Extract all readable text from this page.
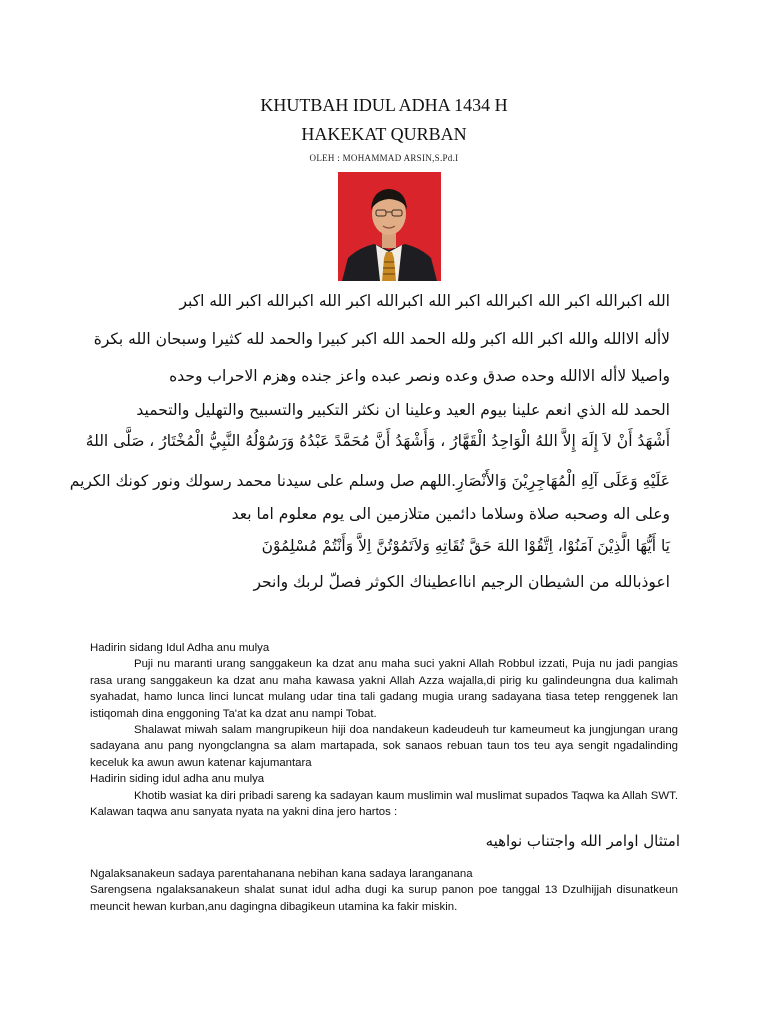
KHUTBAH IDUL ADHA 1434 H
HAKEKAT QURBAN
OLEH : MOHAMMAD ARSIN,S.Pd.I
الله اكبرالله اكبر الله اكبرالله اكبر الله اكبرالله اكبر الله اكبرالله اكبر الله اكبر
لاأله الاالله والله اكبر الله اكبر ولله الحمد الله اكبر كبيرا والحمد لله كثيرا وسبحان الله بكرة
واصيلا لاأله الاالله وحده صدق وعده ونصر عبده واعز جنده وهزم الاحراب وحده
الحمد لله الذي انعم علينا بيوم العيد وعلينا ان نكثر التكبير والتسبيح والتهليل والتحميد
أَشْهَدُ أَنْ لاَ إِلَهَ إِلاَّ اللهُ الْوَاحِدُ الْقَهَّارُ ، وَأَشْهَدُ أَنَّ مُحَمَّدً عَبْدُهُ وَرَسُوْلُهُ النَّبِيُّ الْمُخْتَارُ ، صَلَّى اللهُ
عَلَيْهِ وَعَلَى آلِهِ الْمُهَاجِرِيْنَ وَالأَنْصَارِ.اللهم صل وسلم على سيدنا محمد رسولك ونور كونك الكريم
وعلى اله وصحبه صلاة وسلاما دائمين متلازمين الى يوم معلوم اما بعد
يَا أَيُّهَا الَّذِيْنَ آمَنُوْا، اِتَّقُوْا اللهَ حَقَّ تُقَاتِهِ وَلاَتَمُوْتُنَّ اِلاَّ وَأَنْتُمْ مُسْلِمُوْنَ
اعوذبالله من الشيطان الرجيم انااعطيناك الكوثر فصلّ لربك وانحر

Hadirin sidang Idul Adha anu mulya

Puji nu maranti urang sanggakeun ka dzat anu maha suci yakni Allah Robbul izzati, Puja nu jadi pangias rasa urang sanggakeun ka dzat anu maha kawasa yakni Allah Azza wajalla,di pirig ku galindeungna dua kalimah syahadat, hamo lunca linci luncat mulang udar tina tali gadang mugia urang sadayana tiasa tetep renggenek lan istiqomah dina enggoning Ta'at ka dzat anu nampi Tobat.

Shalawat miwah salam mangrupikeun hiji doa nandakeun kadeudeuh tur kameumeut ka jungjungan urang sadayana anu pang nyongclangna sa alam martapada, sok sanaos rebuan taun tos teu aya sengit ngadalinding keceluk ka awun awun katenar kajumantara

Hadirin siding idul adha anu mulya

Khotib wasiat ka diri pribadi sareng ka sadayan kaum muslimin wal muslimat supados Taqwa ka Allah SWT. Kalawan taqwa anu sanyata nyata na yakni dina jero hartos :

امتثال اوامر الله واجتناب نواهيه

Ngalaksanakeun sadaya parentahanana nebihan kana sadaya laranganana

Sarengsena ngalaksanakeun shalat sunat idul adha dugi ka surup panon poe tanggal 13 Dzulhijjah disunatkeun meuncit hewan kurban,anu dagingna dibagikeun utamina ka fakir miskin.
